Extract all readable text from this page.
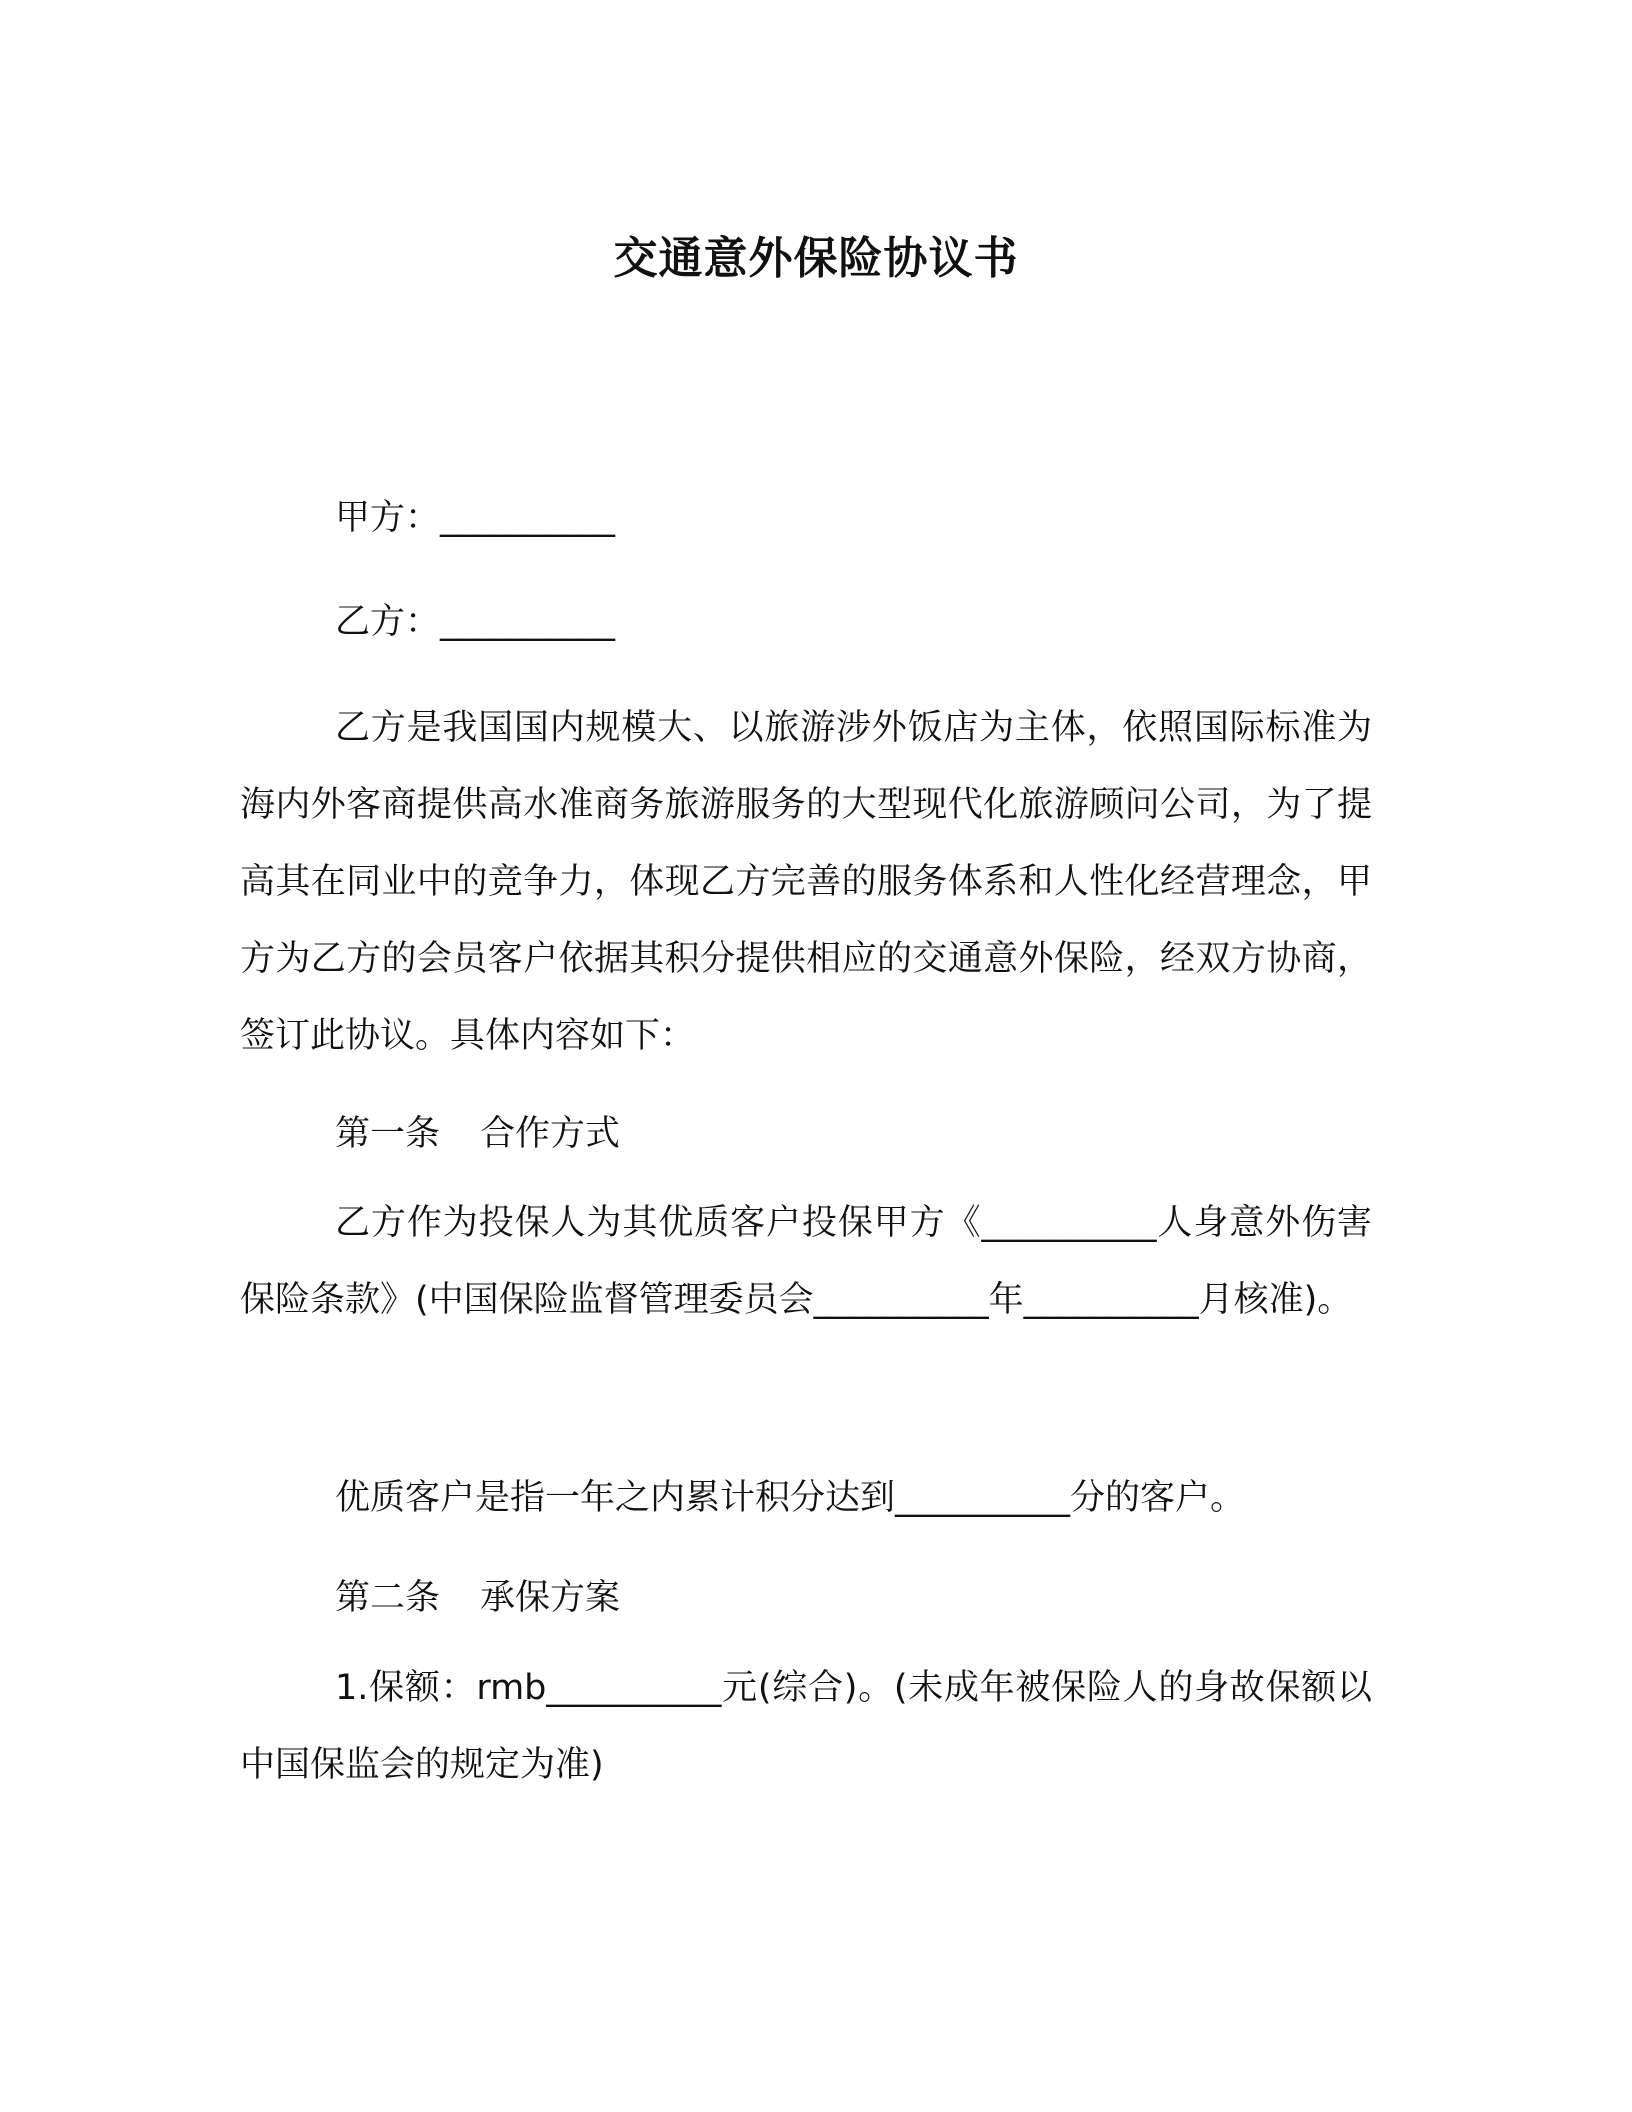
交通意外保险协议书

甲方：__________

乙方：__________

乙方是我国国内规模大、以旅游涉外饭店为主体，依照国际标准为海内外客商提供高水准商务旅游服务的大型现代化旅游顾问公司，为了提高其在同业中的竞争力，体现乙方完善的服务体系和人性化经营理念，甲方为乙方的会员客户依据其积分提供相应的交通意外保险，经双方协商，签订此协议。具体内容如下：

第一条 合作方式

乙方作为投保人为其优质客户投保甲方《__________人身意外伤害保险条款》(中国保险监督管理委员会__________年__________月核准)。

优质客户是指一年之内累计积分达到__________分的客户。

第二条 承保方案

1.保额：rmb__________元(综合)。(未成年被保险人的身故保额以中国保监会的规定为准)
